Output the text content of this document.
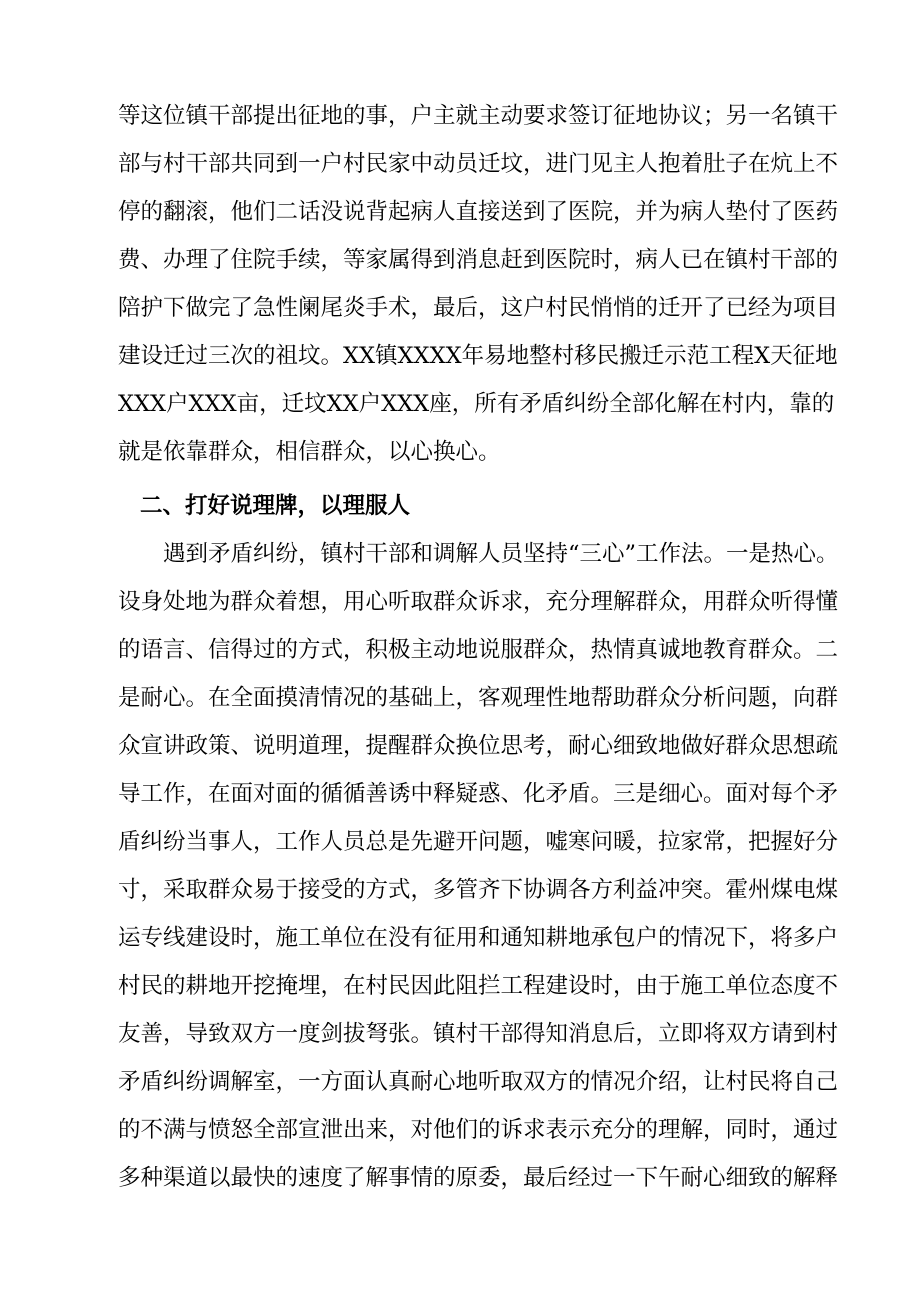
等这位镇干部提出征地的事，户主就主动要求签订征地协议；另一名镇干
部与村干部共同到一户村民家中动员迁坟，进门见主人抱着肚子在炕上不
停的翻滚，他们二话没说背起病人直接送到了医院，并为病人垫付了医药
费、办理了住院手续，等家属得到消息赶到医院时，病人已在镇村干部的
陪护下做完了急性阑尾炎手术，最后，这户村民悄悄的迁开了已经为项目
建设迁过三次的祖坟。XX镇XXXX年易地整村移民搬迁示范工程X天征地
XXX户XXX亩，迁坟XX户XXX座，所有矛盾纠纷全部化解在村内，靠的
就是依靠群众，相信群众，以心换心。
二、打好说理牌，以理服人
遇到矛盾纠纷，镇村干部和调解人员坚持“三心”工作法。一是热心。
设身处地为群众着想，用心听取群众诉求，充分理解群众，用群众听得懂
的语言、信得过的方式，积极主动地说服群众，热情真诚地教育群众。二
是耐心。在全面摸清情况的基础上，客观理性地帮助群众分析问题，向群
众宣讲政策、说明道理，提醒群众换位思考，耐心细致地做好群众思想疏
导工作，在面对面的循循善诱中释疑惑、化矛盾。三是细心。面对每个矛
盾纠纷当事人，工作人员总是先避开问题，嘘寒问暖，拉家常，把握好分
寸，采取群众易于接受的方式，多管齐下协调各方利益冲突。霍州煤电煤
运专线建设时，施工单位在没有征用和通知耕地承包户的情况下，将多户
村民的耕地开挖掩埋，在村民因此阻拦工程建设时，由于施工单位态度不
友善，导致双方一度剑拔弩张。镇村干部得知消息后，立即将双方请到村
矛盾纠纷调解室，一方面认真耐心地听取双方的情况介绍，让村民将自己
的不满与愤怒全部宣泄出来，对他们的诉求表示充分的理解，同时，通过
多种渠道以最快的速度了解事情的原委，最后经过一下午耐心细致的解释
